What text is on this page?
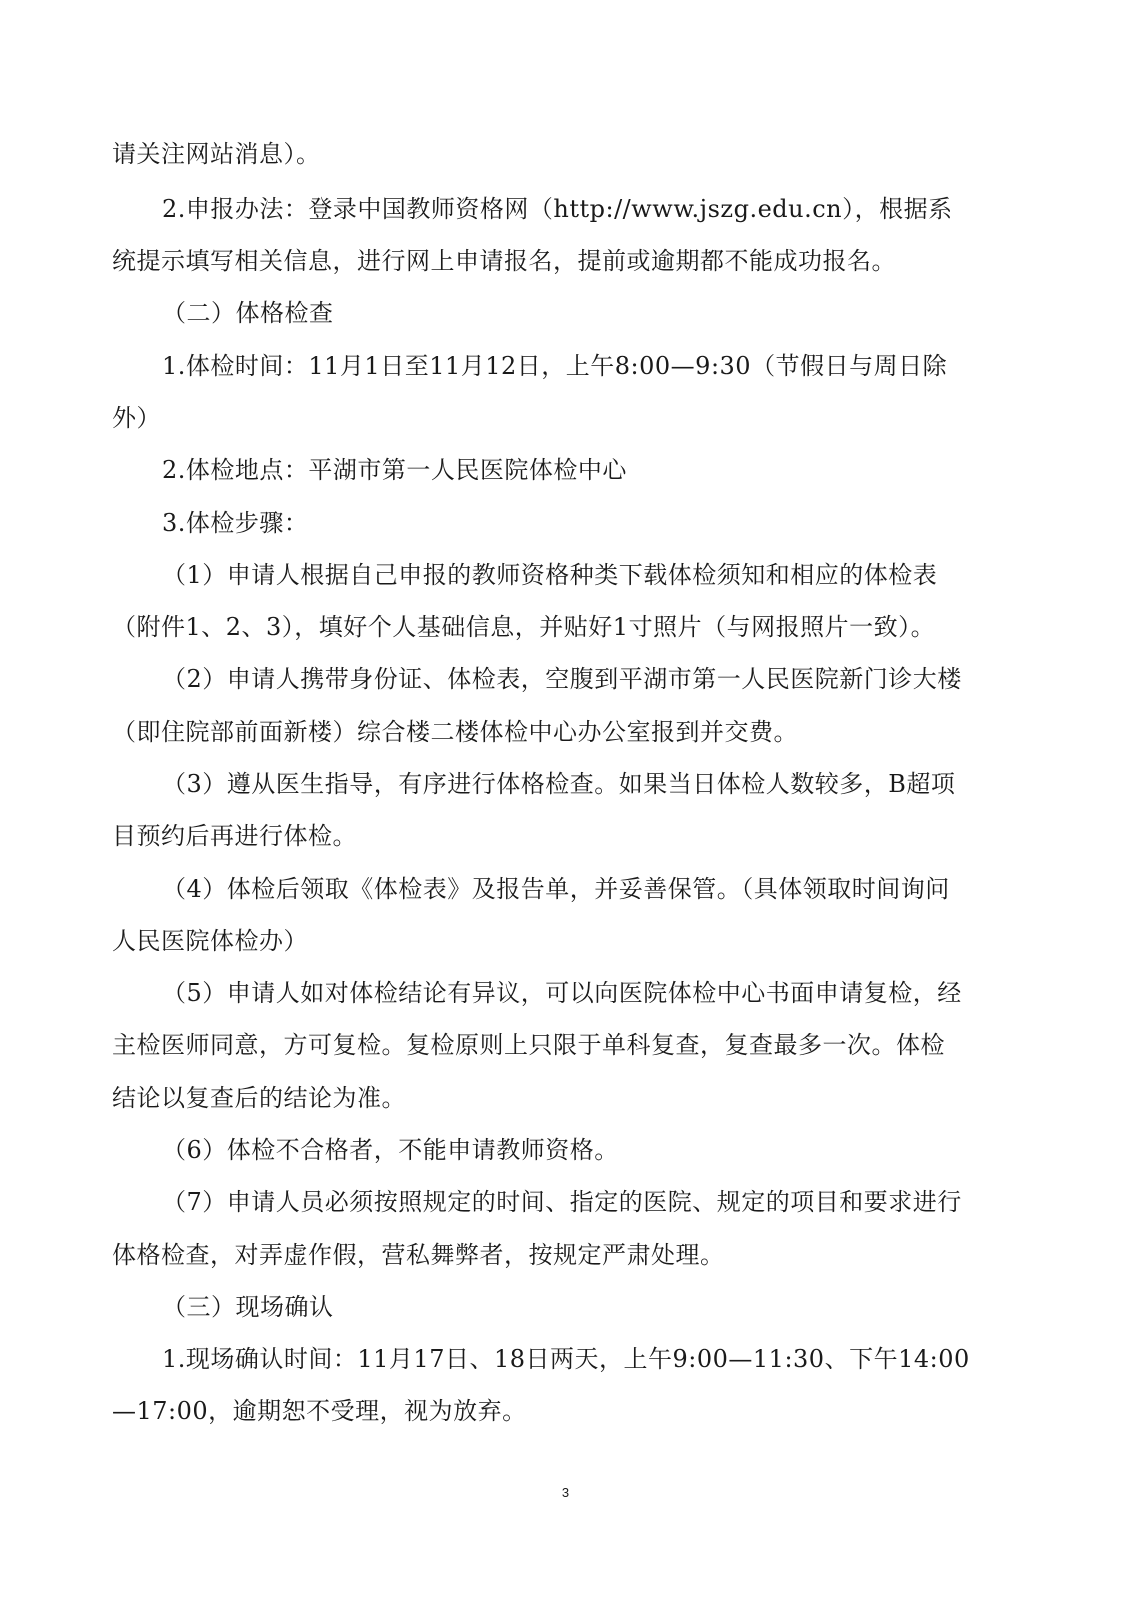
请关注网站消息）。
2.申报办法：登录中国教师资格网（http://www.jszg.edu.cn），根据系
统提示填写相关信息，进行网上申请报名，提前或逾期都不能成功报名。
（二）体格检查
1.体检时间：11月1日至11月12日，上午8:00—9:30（节假日与周日除
外）
2.体检地点：平湖市第一人民医院体检中心
3.体检步骤：
（1）申请人根据自己申报的教师资格种类下载体检须知和相应的体检表
（附件1、2、3），填好个人基础信息，并贴好1寸照片（与网报照片一致）。
（2）申请人携带身份证、体检表，空腹到平湖市第一人民医院新门诊大楼
（即住院部前面新楼）综合楼二楼体检中心办公室报到并交费。
（3）遵从医生指导，有序进行体格检查。如果当日体检人数较多，B超项
目预约后再进行体检。
（4）体检后领取《体检表》及报告单，并妥善保管。（具体领取时间询问
人民医院体检办）
（5）申请人如对体检结论有异议，可以向医院体检中心书面申请复检，经
主检医师同意，方可复检。复检原则上只限于单科复查，复查最多一次。体检
结论以复查后的结论为准。
（6）体检不合格者，不能申请教师资格。
（7）申请人员必须按照规定的时间、指定的医院、规定的项目和要求进行
体格检查，对弄虚作假，营私舞弊者，按规定严肃处理。
（三）现场确认
1.现场确认时间：11月17日、18日两天，上午9:00—11:30、下午14:00
—17:00，逾期恕不受理，视为放弃。
3
